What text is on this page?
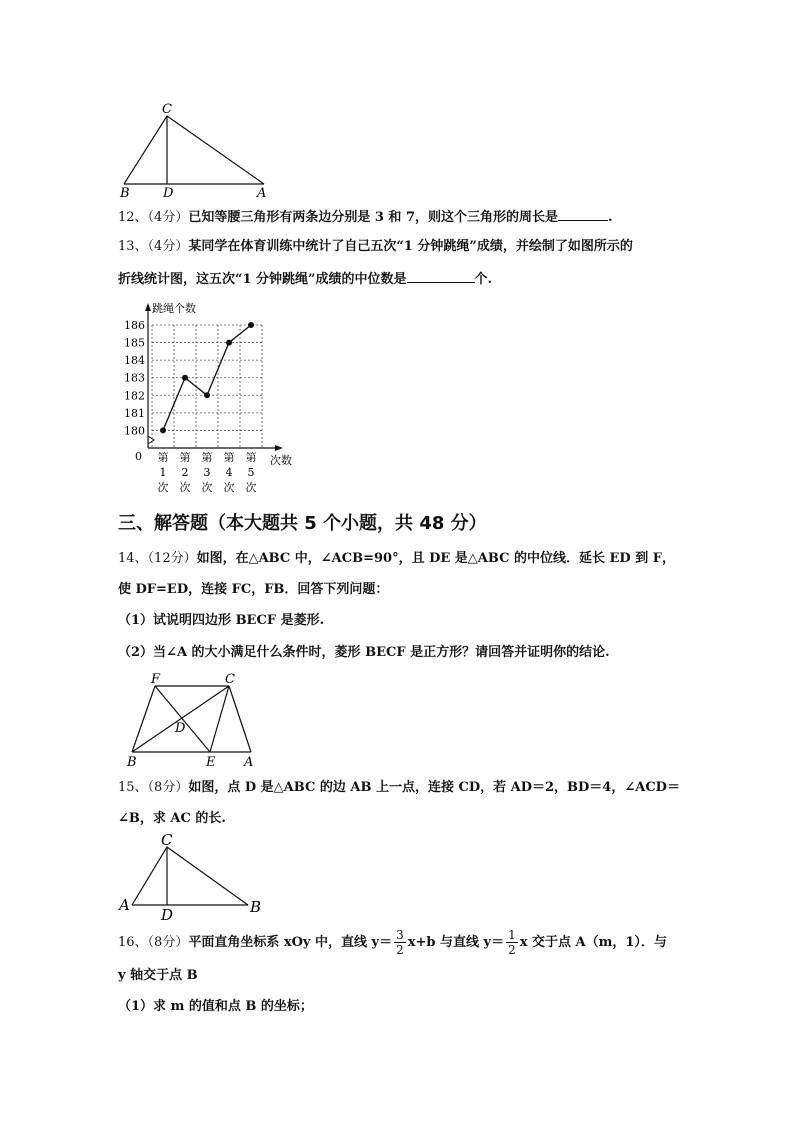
C
B	D	A
12、（4分）已知等腰三角形有两条边分别是 3 和 7，则这个三角形的周长是	.
13、（4分）某同学在体育训练中统计了自己五次“1 分钟跳绳”成绩，并绘制了如图所示的
折线统计图，这五次“1 分钟跳绳”成绩的中位数是	个.
跳绳个数
次数
0
180
181
182
183
184
185
186
第
1
次
第
2
次
第
3
次
第
4
次
第
5
次
三、解答题（本大题共 5 个小题，共 48 分）
14、（12分）如图，在△ABC 中，∠ACB=90°，且 DE 是△ABC 的中位线．延长 ED 到 F，
使 DF=ED，连接 FC，FB．回答下列问题：
（1）试说明四边形 BECF 是菱形.
（2）当∠A 的大小满足什么条件时，菱形 BECF 是正方形？请回答并证明你的结论.
F	C
D
B	E A
15、（8分）如图，点 D 是△ABC 的边 AB 上一点，连接 CD，若 AD＝2，BD＝4，∠ACD＝
∠B，求 AC 的长.
C
A
D	B
16、（8分）平面直角坐标系 xOy 中，直线 $y= \frac{3}{2} x+b$ 与直线 $y= \frac{1}{2}$ x 交于点 A（m，1）．与
y 轴交于点 B
（1）求 m 的值和点 B 的坐标；
